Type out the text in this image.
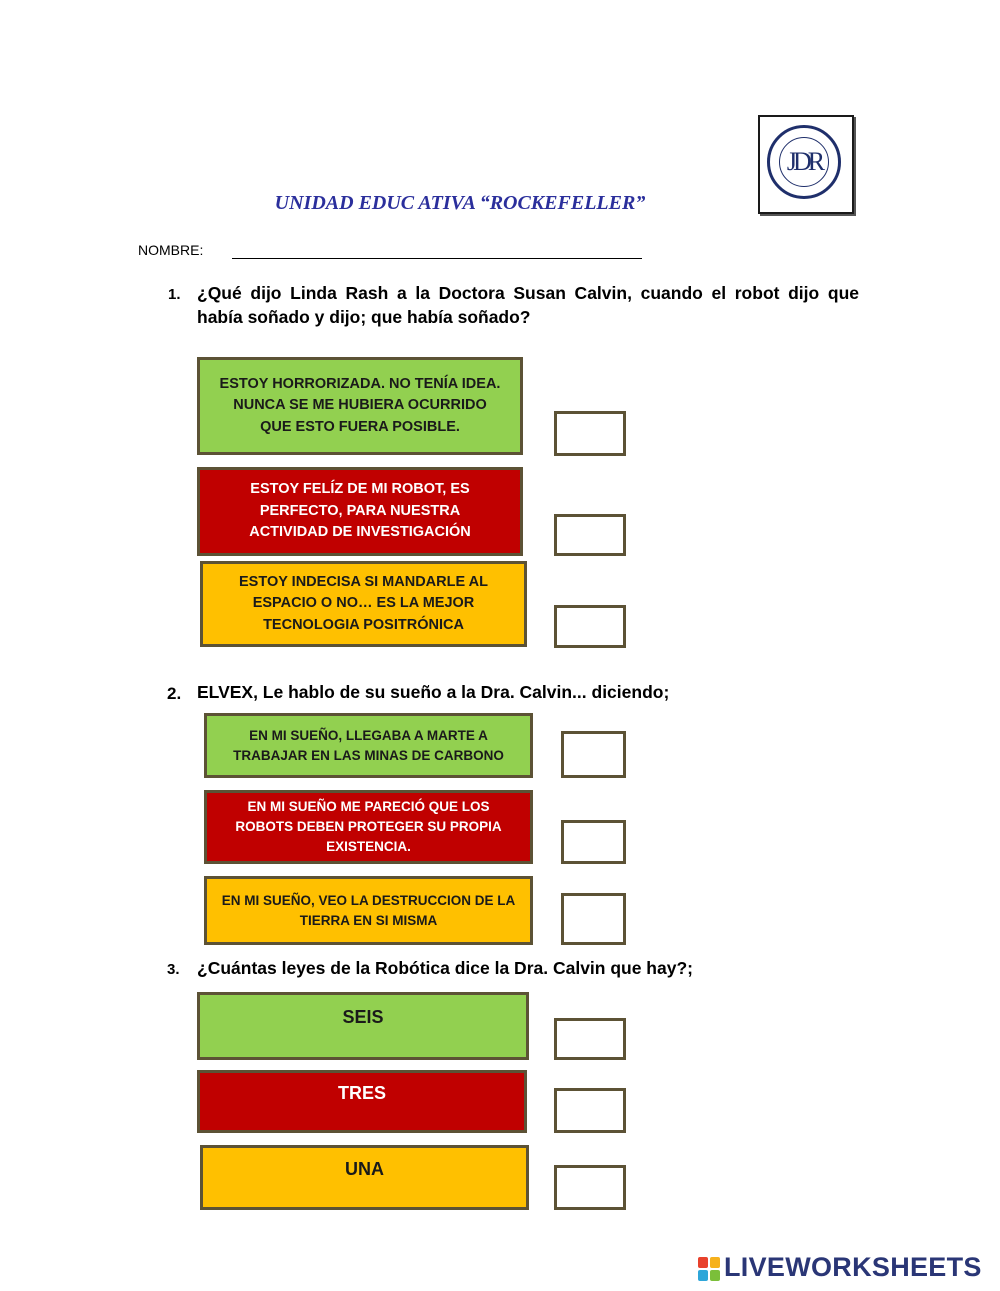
UNIDAD EDUC ATIVA “ROCKEFELLER”
JDR
NOMBRE:
1. ¿Qué dijo Linda Rash a la Doctora Susan Calvin, cuando el robot dijo que había soñado y dijo; que había soñado?
ESTOY HORRORIZADA. NO TENÍA IDEA. NUNCA SE ME HUBIERA OCURRIDO QUE ESTO FUERA POSIBLE.
ESTOY FELÍZ DE MI ROBOT, ES PERFECTO, PARA NUESTRA ACTIVIDAD DE INVESTIGACIÓN
ESTOY INDECISA SI MANDARLE AL ESPACIO O NO… ES LA MEJOR TECNOLOGIA POSITRÓNICA
2. ELVEX, Le hablo de su sueño a la Dra. Calvin... diciendo;
EN MI SUEÑO, LLEGABA A MARTE A TRABAJAR EN LAS MINAS DE CARBONO
EN MI SUEÑO ME PARECIÓ QUE LOS ROBOTS DEBEN PROTEGER SU PROPIA EXISTENCIA.
EN MI SUEÑO, VEO LA DESTRUCCION DE LA TIERRA EN SI MISMA
3. ¿Cuántas leyes de la Robótica dice la Dra. Calvin que hay?;
SEIS
TRES
UNA
LIVEWORKSHEETS
